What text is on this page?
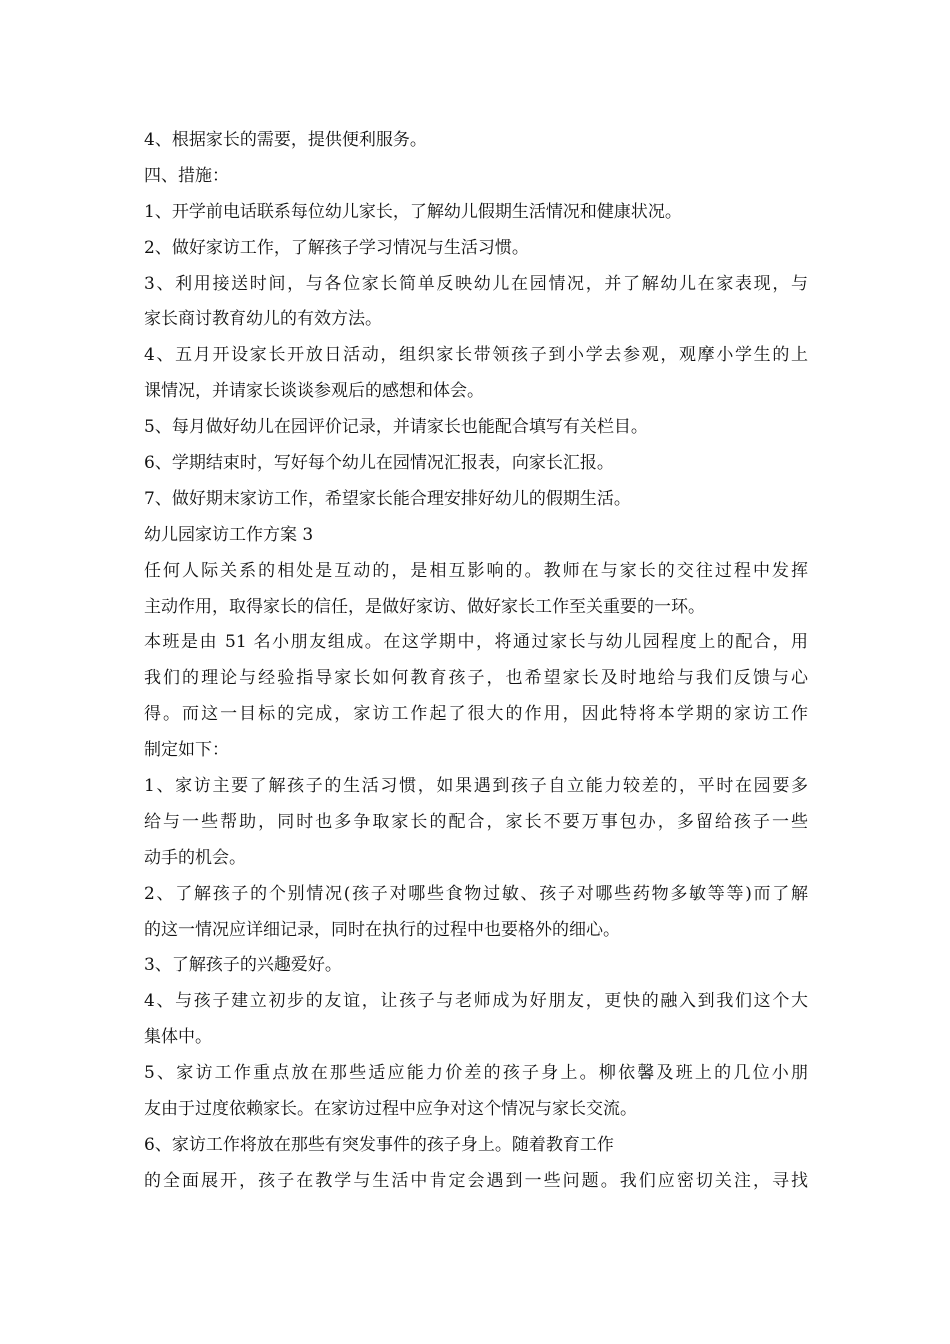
4、根据家长的需要，提供便利服务。
四、措施：
1、开学前电话联系每位幼儿家长，了解幼儿假期生活情况和健康状况。
2、做好家访工作，了解孩子学习情况与生活习惯。
3、利用接送时间，与各位家长简单反映幼儿在园情况，并了解幼儿在家表现，与
家长商讨教育幼儿的有效方法。
4、五月开设家长开放日活动，组织家长带领孩子到小学去参观，观摩小学生的上
课情况，并请家长谈谈参观后的感想和体会。
5、每月做好幼儿在园评价记录，并请家长也能配合填写有关栏目。
6、学期结束时，写好每个幼儿在园情况汇报表，向家长汇报。
7、做好期末家访工作，希望家长能合理安排好幼儿的假期生活。
幼儿园家访工作方案 3
任何人际关系的相处是互动的，是相互影响的。教师在与家长的交往过程中发挥
主动作用，取得家长的信任，是做好家访、做好家长工作至关重要的一环。
本班是由 51 名小朋友组成。在这学期中，将通过家长与幼儿园程度上的配合，用
我们的理论与经验指导家长如何教育孩子，也希望家长及时地给与我们反馈与心
得。而这一目标的完成，家访工作起了很大的作用，因此特将本学期的家访工作
制定如下：
1、家访主要了解孩子的生活习惯，如果遇到孩子自立能力较差的，平时在园要多
给与一些帮助，同时也多争取家长的配合，家长不要万事包办，多留给孩子一些
动手的机会。
2、了解孩子的个别情况(孩子对哪些食物过敏、孩子对哪些药物多敏等等)而了解
的这一情况应详细记录，同时在执行的过程中也要格外的细心。
3、了解孩子的兴趣爱好。
4、与孩子建立初步的友谊，让孩子与老师成为好朋友，更快的融入到我们这个大
集体中。
5、家访工作重点放在那些适应能力价差的孩子身上。柳依馨及班上的几位小朋
友由于过度依赖家长。在家访过程中应争对这个情况与家长交流。
6、家访工作将放在那些有突发事件的孩子身上。随着教育工作
的全面展开，孩子在教学与生活中肯定会遇到一些问题。我们应密切关注，寻找
